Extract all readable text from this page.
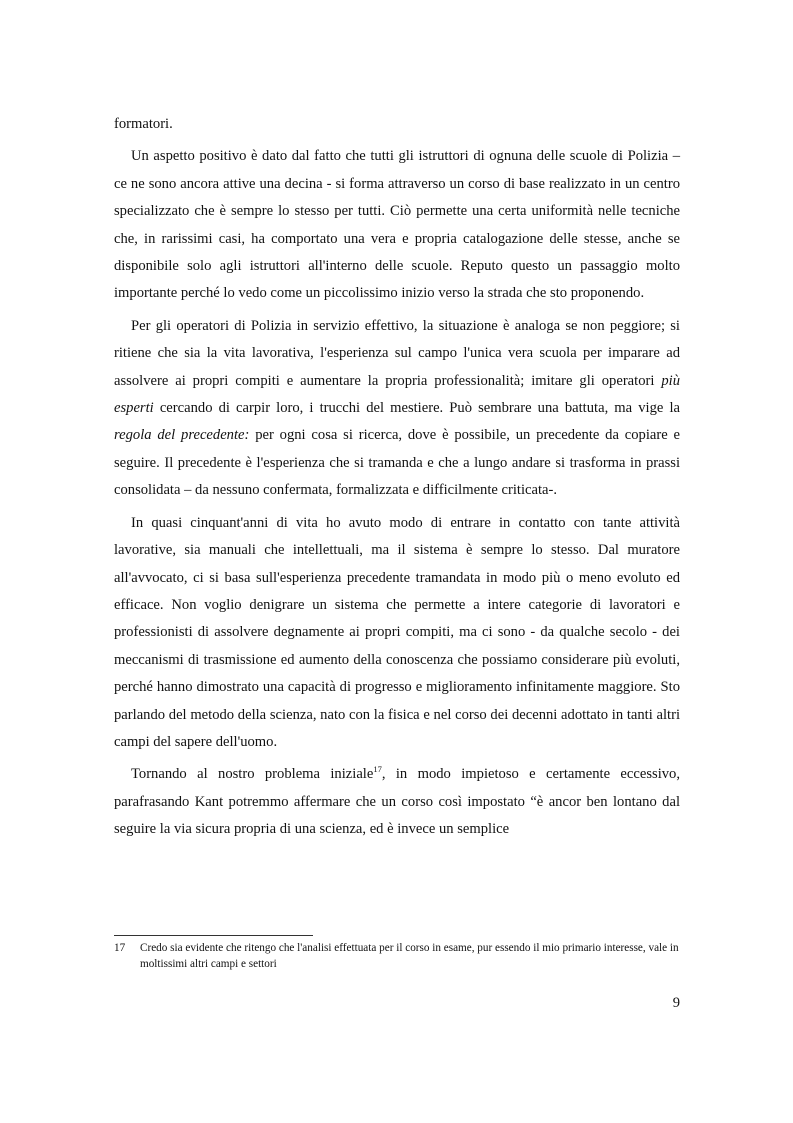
formatori.

Un aspetto positivo è dato dal fatto che tutti gli istruttori di ognuna delle scuole di Polizia – ce ne sono ancora attive una decina - si forma attraverso un corso di base realizzato in un centro specializzato che è sempre lo stesso per tutti. Ciò permette una certa uniformità nelle tecniche che, in rarissimi casi, ha comportato una vera e propria catalogazione delle stesse, anche se disponibile solo agli istruttori all'interno delle scuole. Reputo questo un passaggio molto importante perché lo vedo come un piccolissimo inizio verso la strada che sto proponendo.

Per gli operatori di Polizia in servizio effettivo, la situazione è analoga se non peggiore; si ritiene che sia la vita lavorativa, l'esperienza sul campo l'unica vera scuola per imparare ad assolvere ai propri compiti e aumentare la propria professionalità; imitare gli operatori più esperti cercando di carpir loro, i trucchi del mestiere. Può sembrare una battuta, ma vige la regola del precedente: per ogni cosa si ricerca, dove è possibile, un precedente da copiare e seguire. Il precedente è l'esperienza che si tramanda e che a lungo andare si trasforma in prassi consolidata – da nessuno confermata, formalizzata e difficilmente criticata-.

In quasi cinquant'anni di vita ho avuto modo di entrare in contatto con tante attività lavorative, sia manuali che intellettuali, ma il sistema è sempre lo stesso. Dal muratore all'avvocato, ci si basa sull'esperienza precedente tramandata in modo più o meno evoluto ed efficace. Non voglio denigrare un sistema che permette a intere categorie di lavoratori e professionisti di assolvere degnamente ai propri compiti, ma ci sono - da qualche secolo - dei meccanismi di trasmissione ed aumento della conoscenza che possiamo considerare più evoluti, perché hanno dimostrato una capacità di progresso e miglioramento infinitamente maggiore. Sto parlando del metodo della scienza, nato con la fisica e nel corso dei decenni adottato in tanti altri campi del sapere dell'uomo.

Tornando al nostro problema iniziale$^{17}$, in modo impietoso e certamente eccessivo, parafrasando Kant potremmo affermare che un corso così impostato “è ancor ben lontano dal seguire la via sicura propria di una scienza, ed è invece un semplice

17	Credo sia evidente che ritengo che l'analisi effettuata per il corso in esame, pur essendo il mio primario interesse, vale in moltissimi altri campi e settori
9
